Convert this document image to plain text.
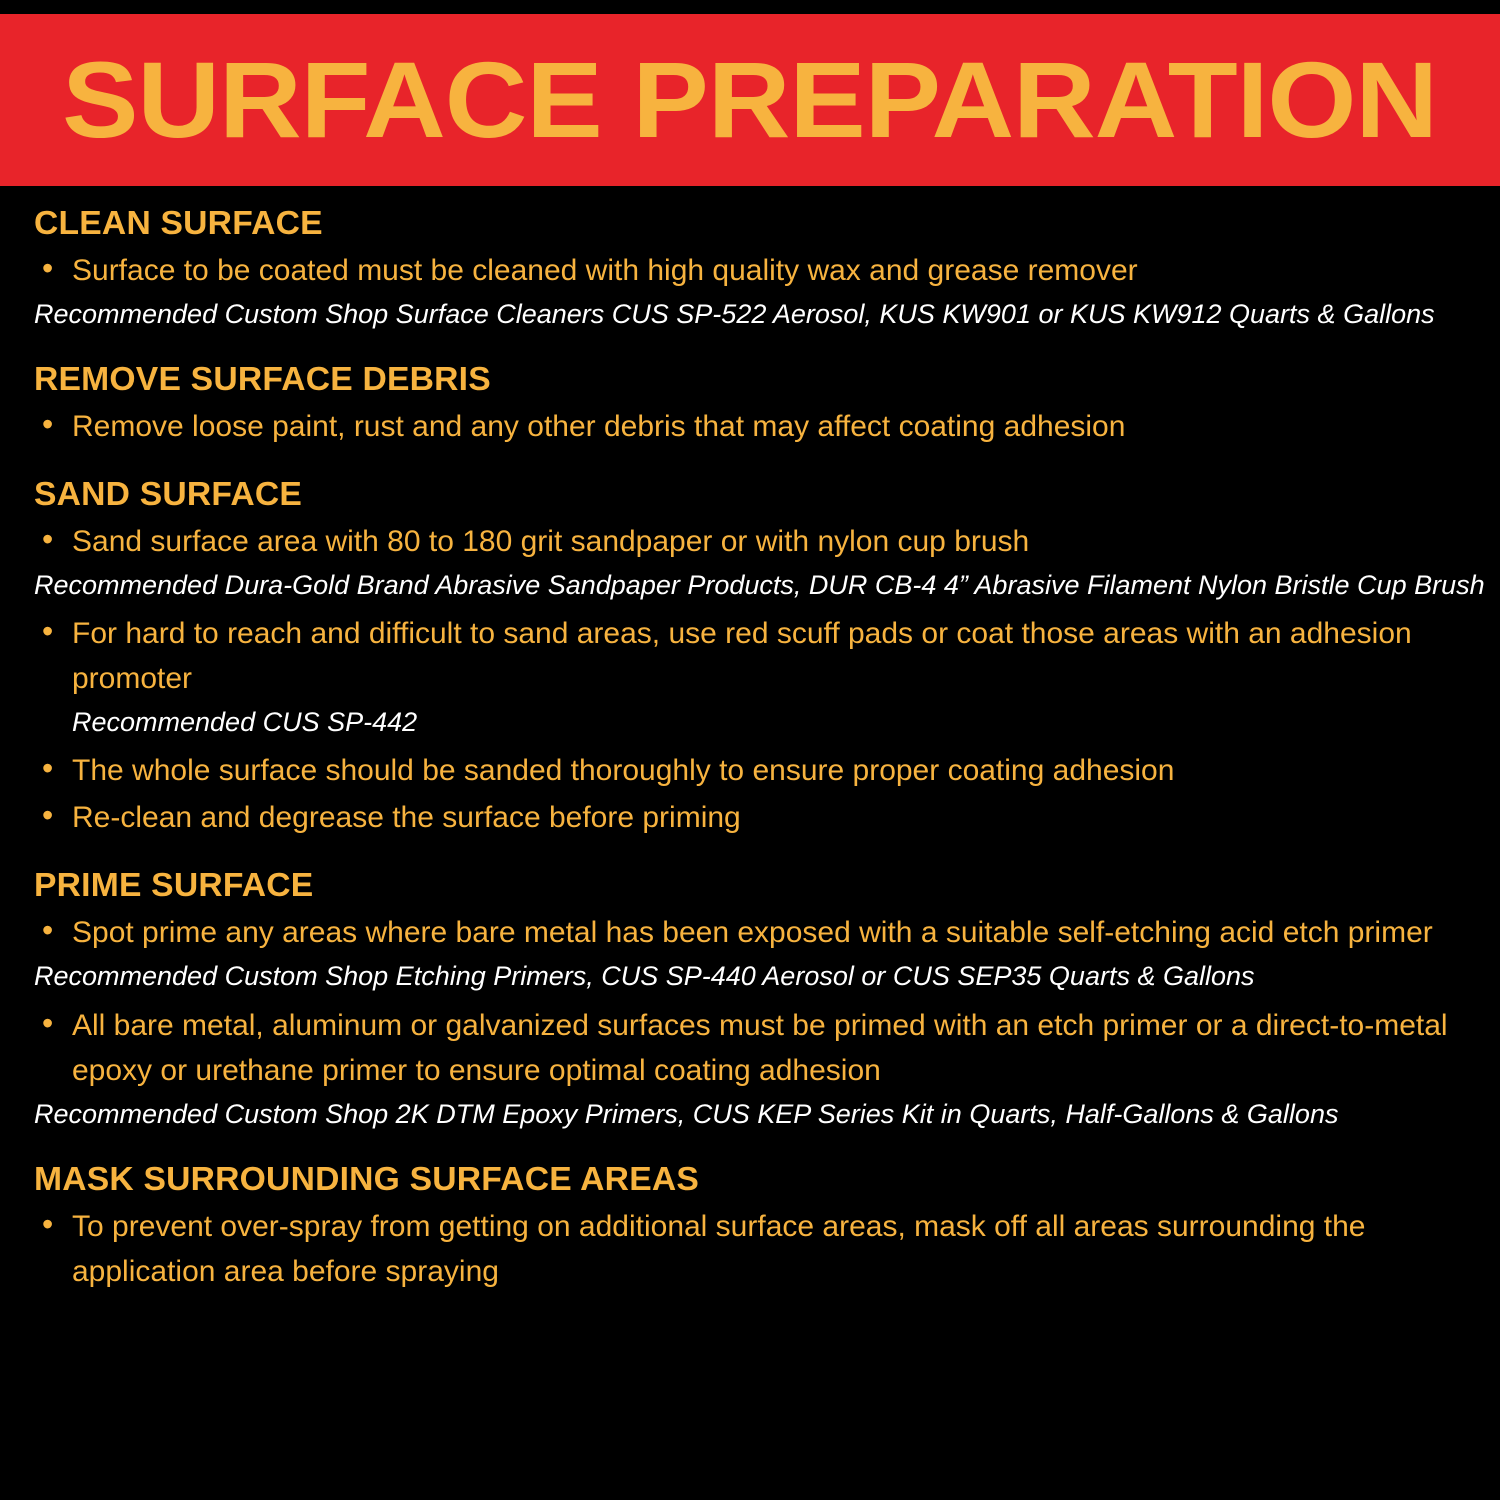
SURFACE PREPARATION
CLEAN SURFACE
• Surface to be coated must be cleaned with high quality wax and grease remover
Recommended Custom Shop Surface Cleaners CUS SP-522 Aerosol, KUS KW901 or KUS KW912 Quarts & Gallons
REMOVE SURFACE DEBRIS
• Remove loose paint, rust and any other debris that may affect coating adhesion
SAND SURFACE
• Sand surface area with 80 to 180 grit sandpaper or with nylon cup brush
Recommended Dura-Gold Brand Abrasive Sandpaper Products, DUR CB-4 4” Abrasive Filament Nylon Bristle Cup Brush
• For hard to reach and difficult to sand areas, use red scuff pads or coat those areas with an adhesion promoter
Recommended CUS SP-442
• The whole surface should be sanded thoroughly to ensure proper coating adhesion
• Re-clean and degrease the surface before priming
PRIME SURFACE
• Spot prime any areas where bare metal has been exposed with a suitable self-etching acid etch primer
Recommended Custom Shop Etching Primers, CUS SP-440 Aerosol or CUS SEP35 Quarts & Gallons
• All bare metal, aluminum or galvanized surfaces must be primed with an etch primer or a direct-to-metal epoxy or urethane primer to ensure optimal coating adhesion
Recommended Custom Shop 2K DTM Epoxy Primers, CUS KEP Series Kit in Quarts, Half-Gallons & Gallons
MASK SURROUNDING SURFACE AREAS
• To prevent over-spray from getting on additional surface areas, mask off all areas surrounding the application area before spraying
